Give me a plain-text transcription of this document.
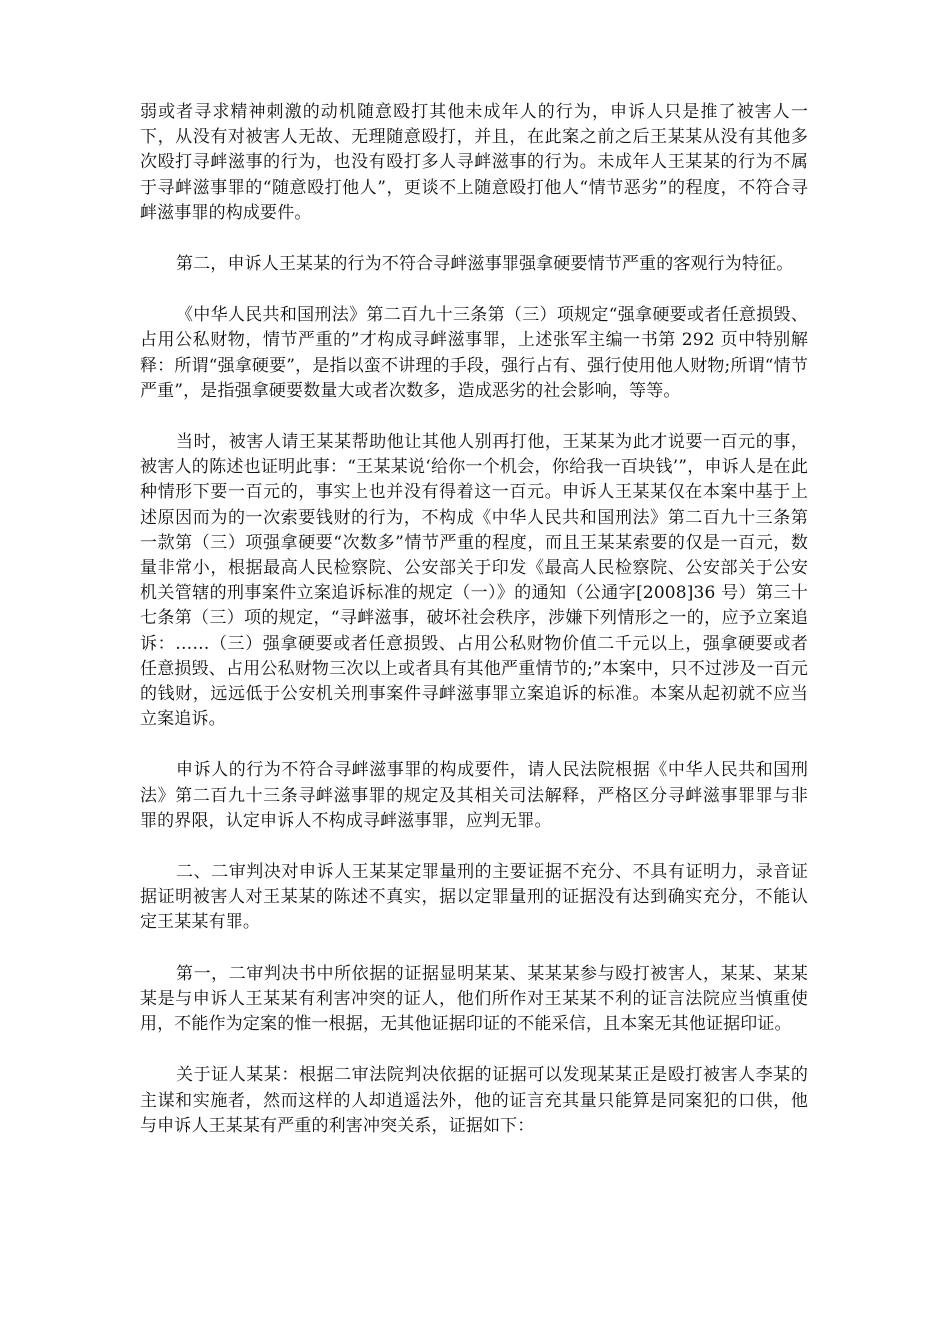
弱或者寻求精神刺激的动机随意殴打其他未成年人的行为，申诉人只是推了被害人一下，从没有对被害人无故、无理随意殴打，并且，在此案之前之后王某某从没有其他多次殴打寻衅滋事的行为，也没有殴打多人寻衅滋事的行为。未成年人王某某的行为不属于寻衅滋事罪的“随意殴打他人”，更谈不上随意殴打他人“情节恶劣”的程度，不符合寻衅滋事罪的构成要件。

第二，申诉人王某某的行为不符合寻衅滋事罪强拿硬要情节严重的客观行为特征。

《中华人民共和国刑法》第二百九十三条第（三）项规定“强拿硬要或者任意损毁、占用公私财物，情节严重的”才构成寻衅滋事罪，上述张军主编一书第 292 页中特别解释：所谓“强拿硬要”，是指以蛮不讲理的手段，强行占有、强行使用他人财物;所谓“情节严重”，是指强拿硬要数量大或者次数多，造成恶劣的社会影响，等等。

当时，被害人请王某某帮助他让其他人别再打他，王某某为此才说要一百元的事，被害人的陈述也证明此事：“王某某说‘给你一个机会，你给我一百块钱’”，申诉人是在此种情形下要一百元的，事实上也并没有得着这一百元。申诉人王某某仅在本案中基于上述原因而为的一次索要钱财的行为，不构成《中华人民共和国刑法》第二百九十三条第一款第（三）项强拿硬要“次数多”情节严重的程度，而且王某某索要的仅是一百元，数量非常小，根据最高人民检察院、公安部关于印发《最高人民检察院、公安部关于公安机关管辖的刑事案件立案追诉标准的规定（一）》的通知（公通字[2008]36 号）第三十七条第（三）项的规定，“寻衅滋事，破坏社会秩序，涉嫌下列情形之一的，应予立案追诉：……（三）强拿硬要或者任意损毁、占用公私财物价值二千元以上，强拿硬要或者任意损毁、占用公私财物三次以上或者具有其他严重情节的;”本案中，只不过涉及一百元的钱财，远远低于公安机关刑事案件寻衅滋事罪立案追诉的标准。本案从起初就不应当立案追诉。

申诉人的行为不符合寻衅滋事罪的构成要件，请人民法院根据《中华人民共和国刑法》第二百九十三条寻衅滋事罪的规定及其相关司法解释，严格区分寻衅滋事罪罪与非罪的界限，认定申诉人不构成寻衅滋事罪，应判无罪。

二、二审判决对申诉人王某某定罪量刑的主要证据不充分、不具有证明力，录音证据证明被害人对王某某的陈述不真实，据以定罪量刑的证据没有达到确实充分，不能认定王某某有罪。

第一，二审判决书中所依据的证据显明某某、某某某参与殴打被害人，某某、某某某是与申诉人王某某有利害冲突的证人，他们所作对王某某不利的证言法院应当慎重使用，不能作为定案的惟一根据，无其他证据印证的不能采信，且本案无其他证据印证。

关于证人某某：根据二审法院判决依据的证据可以发现某某正是殴打被害人李某的主谋和实施者，然而这样的人却逍遥法外，他的证言充其量只能算是同案犯的口供，他与申诉人王某某有严重的利害冲突关系，证据如下：
